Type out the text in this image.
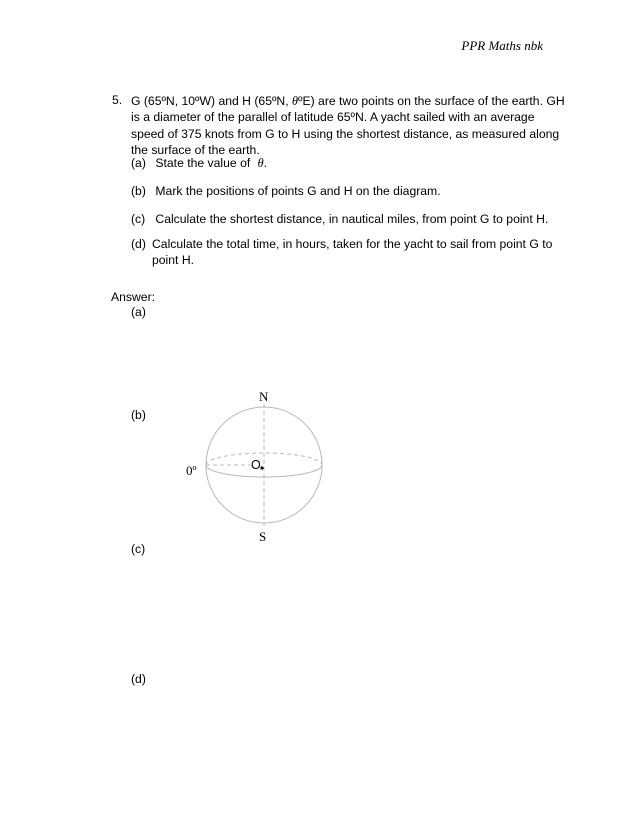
PPR Maths nbk
5. G (65ºN, 10ºW) and H (65ºN, θºE) are two points on the surface of the earth. GH

is a diameter of the parallel of latitude 65ºN. A yacht sailed with an average

speed of 375 knots from G to H using the shortest distance, as measured along

the surface of the earth.

(a) State the value of θ.
(b) Mark the positions of points G and H on the diagram.
(c) Calculate the shortest distance, in nautical miles, from point G to point H.
(d) Calculate the total time, in hours, taken for the yacht to sail from point G to
point H.
Answer:
(a)
(b)
(c)
(d)
N
S
0º	O
